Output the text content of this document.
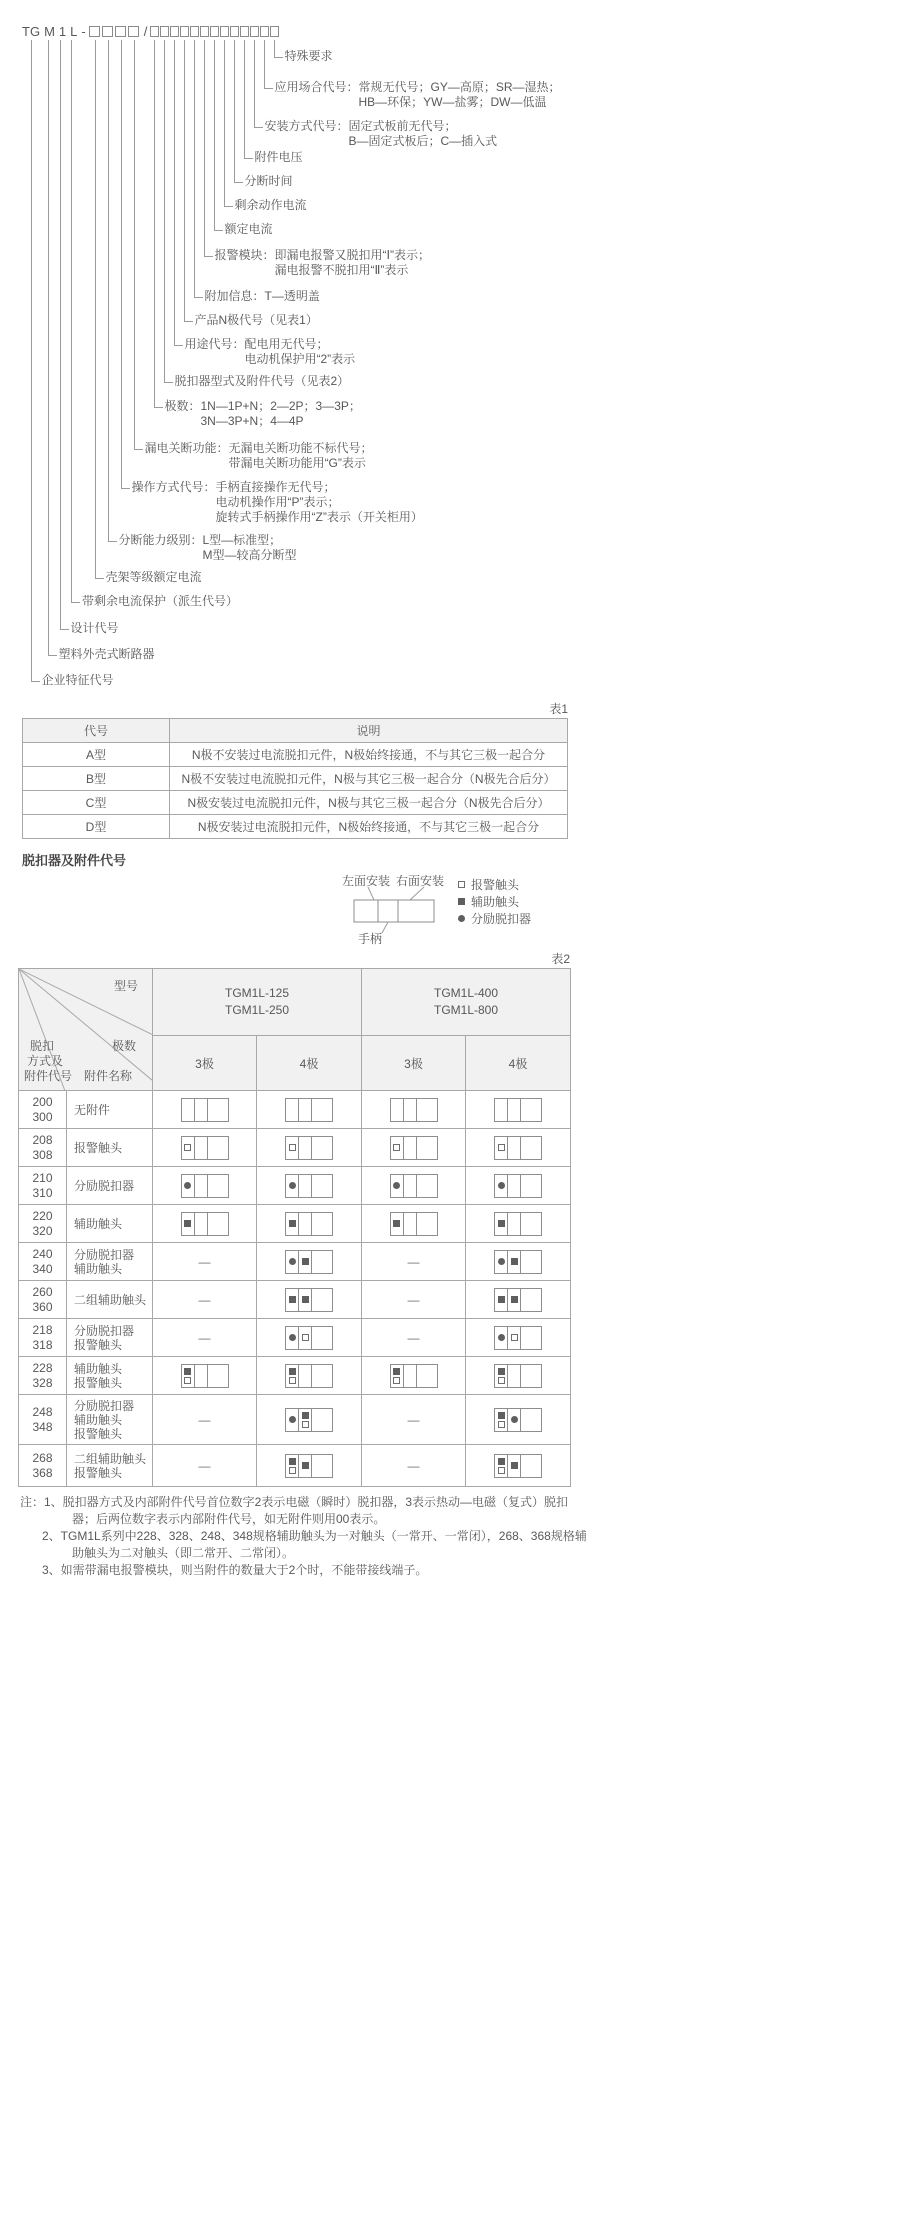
TG M 1 L -	/
特殊要求
应用场合代号：常规无代号；GY—高原；SR—湿热；
HB—环保；YW—盐雾；DW—低温
安装方式代号：固定式板前无代号；
B—固定式板后；C—插入式
附件电压
分断时间
剩余动作电流
额定电流
报警模块：即漏电报警又脱扣用“Ⅰ”表示；
漏电报警不脱扣用“Ⅱ”表示
附加信息：T—透明盖
产品N极代号（见表1）
用途代号：配电用无代号；
电动机保护用“2”表示
脱扣器型式及附件代号（见表2）
极数：1N—1P+N；2—2P；3—3P；
3N—3P+N；4—4P
漏电关断功能：无漏电关断功能不标代号；
带漏电关断功能用“G”表示
操作方式代号：手柄直接操作无代号；
电动机操作用“P”表示；
旋转式手柄操作用“Z”表示（开关柜用）
分断能力级别：L型—标准型；
M型—较高分断型
壳架等级额定电流
带剩余电流保护（派生代号）
设计代号
塑料外壳式断路器
企业特征代号
表1
代号	说明
A型	N极不安装过电流脱扣元件，N极始终接通，不与其它三极一起合分
B型	N极不安装过电流脱扣元件，N极与其它三极一起合分（N极先合后分）
C型	N极安装过电流脱扣元件，N极与其它三极一起合分（N极先合后分）
D型	N极安装过电流脱扣元件，N极始终接通，不与其它三极一起合分
脱扣器及附件代号
左面安装 右面安装
手柄
报警触头
辅助触头
分励脱扣器
表2
型号
极数
附件名称
脱扣
方式及
附件代号

TGM1L-125
TGM1L-250

TGM1L-400
TGM1L-800

		3极	4极	3极	4极

200
300	无附件				

208
308	报警触头				

210
310	分励脱扣器				

220
320	辅助触头				

240
340

分励脱扣器
辅助触头	—		—	

260
360	二组辅助触头	—		—	

218
318

分励脱扣器
报警触头	—		—	

228
328

辅助触头
报警触头

248
348

分励脱扣器
辅助触头
报警触头
	—		—	

268
368

二组辅助触头
报警触头	—		—	
注：1、脱扣器方式及内部附件代号首位数字2表示电磁（瞬时）脱扣器，3表示热动—电磁（复式）脱扣器；后两位数字表示内部附件代号，如无附件则用00表示。
2、TGM1L系列中228、328、248、348规格辅助触头为一对触头（一常开、一常闭），268、368规格辅助触头为二对触头（即二常开、二常闭）。
3、如需带漏电报警模块，则当附件的数量大于2个时，不能带接线端子。
